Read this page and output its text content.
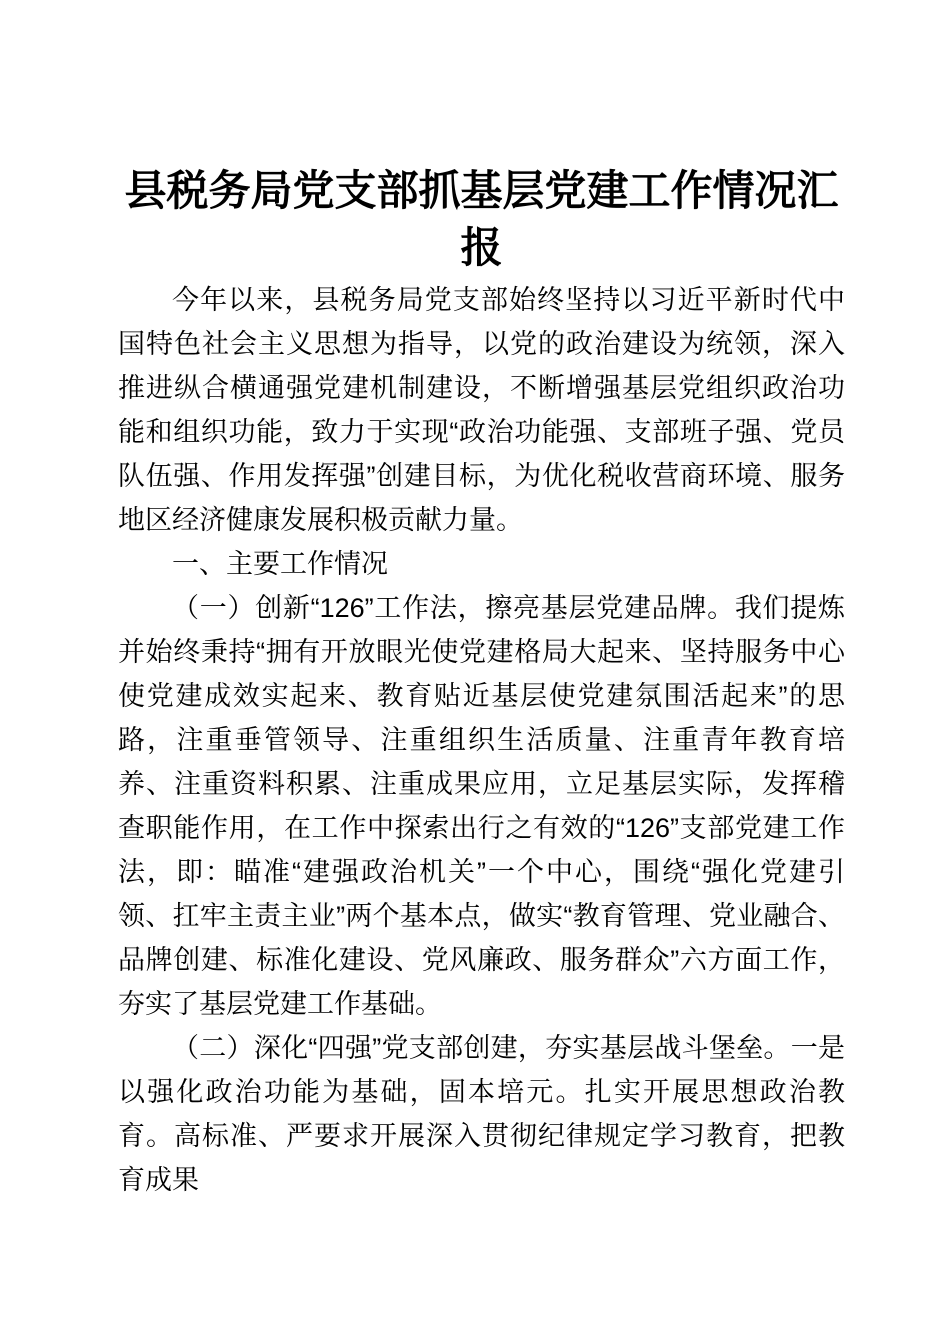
县税务局党支部抓基层党建工作情况汇报

今年以来，县税务局党支部始终坚持以习近平新时代中国特色社会主义思想为指导，以党的政治建设为统领，深入推进纵合横通强党建机制建设，不断增强基层党组织政治功能和组织功能，致力于实现“政治功能强、支部班子强、党员队伍强、作用发挥强”创建目标，为优化税收营商环境、服务地区经济健康发展积极贡献力量。

一、主要工作情况

（一）创新“126”工作法，擦亮基层党建品牌。我们提炼并始终秉持“拥有开放眼光使党建格局大起来、坚持服务中心使党建成效实起来、教育贴近基层使党建氛围活起来”的思路，注重垂管领导、注重组织生活质量、注重青年教育培养、注重资料积累、注重成果应用，立足基层实际，发挥稽查职能作用，在工作中探索出行之有效的“126”支部党建工作法，即：瞄准“建强政治机关”一个中心，围绕“强化党建引领、扛牢主责主业”两个基本点，做实“教育管理、党业融合、品牌创建、标准化建设、党风廉政、服务群众”六方面工作，夯实了基层党建工作基础。

（二）深化“四强”党支部创建，夯实基层战斗堡垒。一是以强化政治功能为基础，固本培元。扎实开展思想政治教育。高标准、严要求开展深入贯彻纪律规定学习教育，把教育成果
